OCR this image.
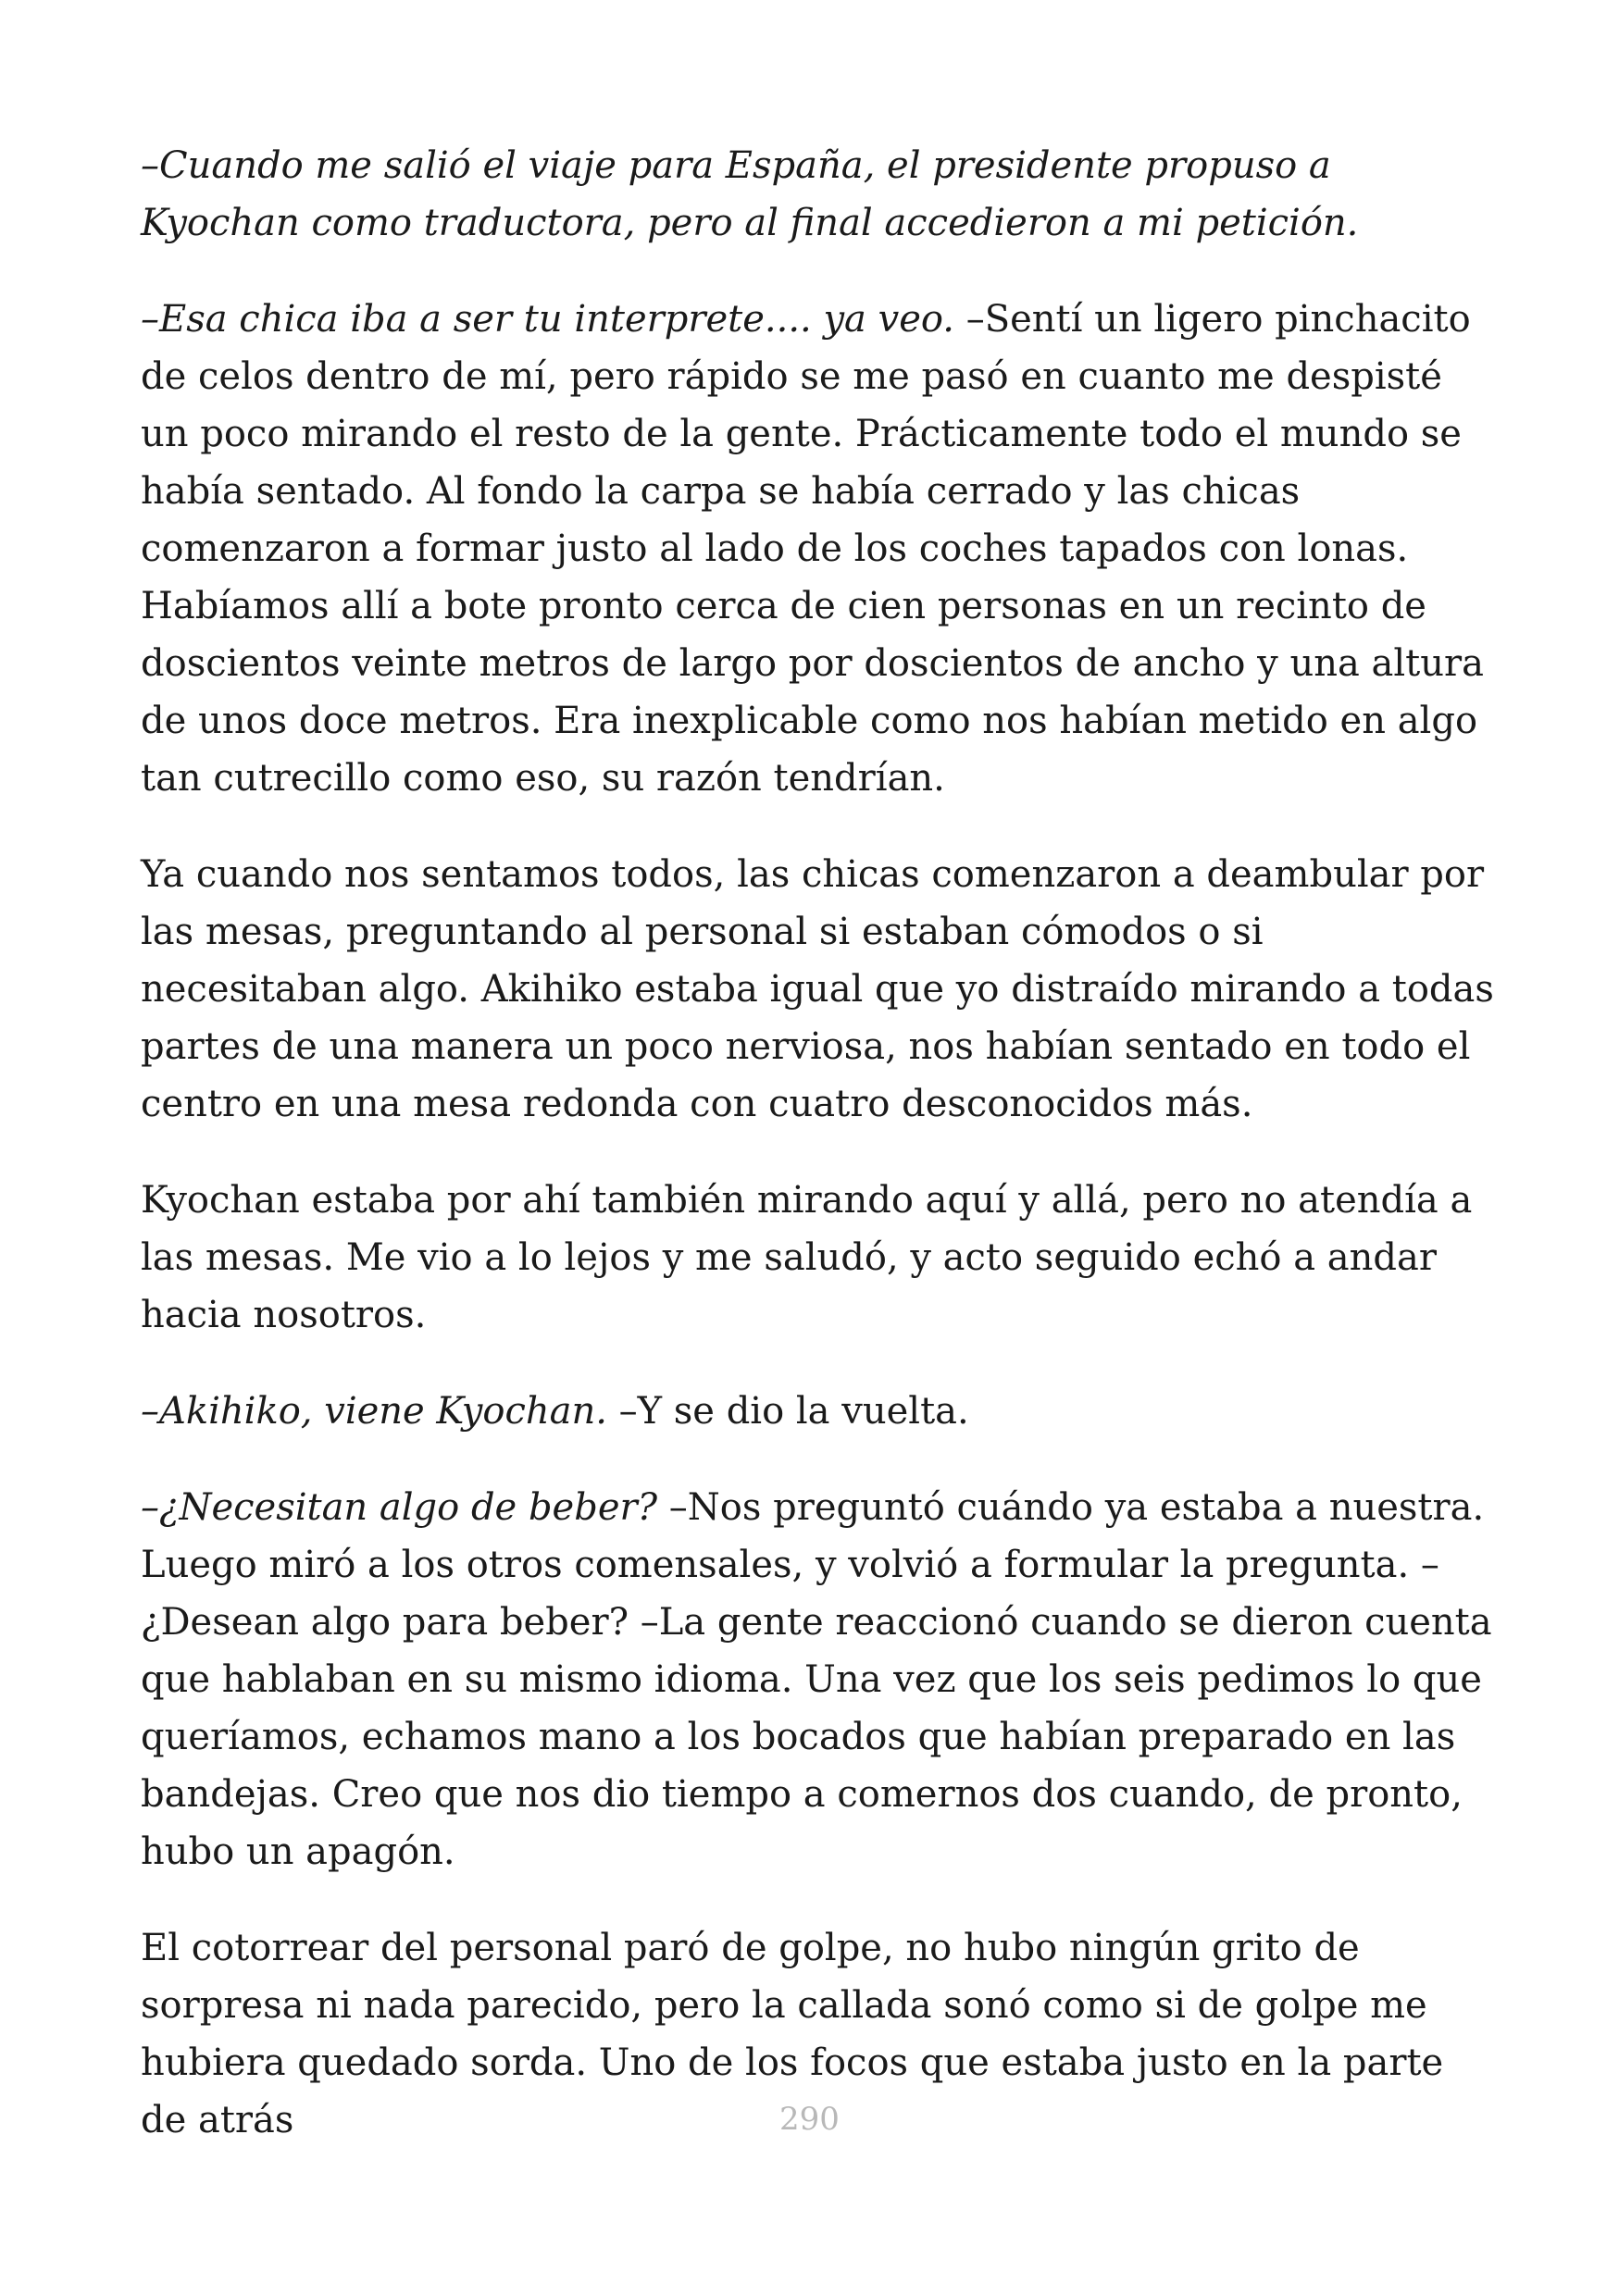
–Cuando me salió el viaje para España, el presidente propuso a Kyochan como traductora, pero al final accedieron a mi petición.

–Esa chica iba a ser tu interprete.... ya veo. –Sentí un ligero pinchacito de celos dentro de mí, pero rápido se me pasó en cuanto me despisté un poco mirando el resto de la gente. Prácticamente todo el mundo se había sentado. Al fondo la carpa se había cerrado y las chicas comenzaron a formar justo al lado de los coches tapados con lonas. Habíamos allí a bote pronto cerca de cien personas en un recinto de doscientos veinte metros de largo por doscientos de ancho y una altura de unos doce metros. Era inexplicable como nos habían metido en algo tan cutrecillo como eso, su razón tendrían.

Ya cuando nos sentamos todos, las chicas comenzaron a deambular por las mesas, preguntando al personal si estaban cómodos o si necesitaban algo. Akihiko estaba igual que yo distraído mirando a todas partes de una manera un poco nerviosa, nos habían sentado en todo el centro en una mesa redonda con cuatro desconocidos más.

Kyochan estaba por ahí también mirando aquí y allá, pero no atendía a las mesas. Me vio a lo lejos y me saludó, y acto seguido echó a andar hacia nosotros.

–Akihiko, viene Kyochan. –Y se dio la vuelta.

–¿Necesitan algo de beber? –Nos preguntó cuándo ya estaba a nuestra. Luego miró a los otros comensales, y volvió a formular la pregunta. –¿Desean algo para beber? –La gente reaccionó cuando se dieron cuenta que hablaban en su mismo idioma. Una vez que los seis pedimos lo que queríamos, echamos mano a los bocados que habían preparado en las bandejas. Creo que nos dio tiempo a comernos dos cuando, de pronto, hubo un apagón.

El cotorrear del personal paró de golpe, no hubo ningún grito de sorpresa ni nada parecido, pero la callada sonó como si de golpe me hubiera quedado sorda. Uno de los focos que estaba justo en la parte de atrás	290
